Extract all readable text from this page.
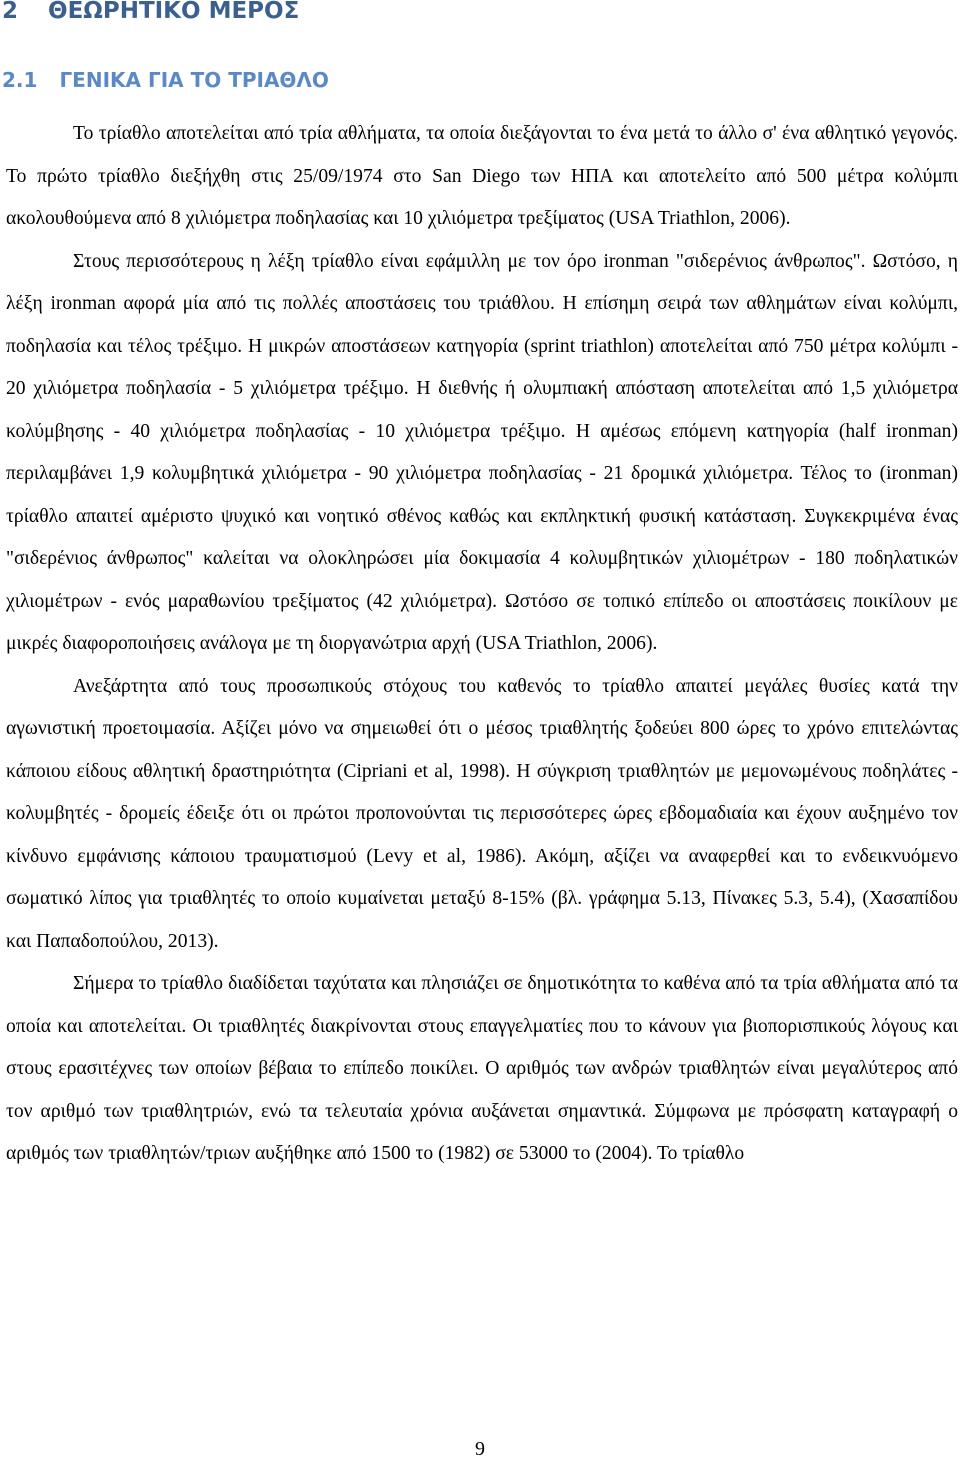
2 ΘΕΩΡΗΤΙΚΟ ΜΕΡΟΣ
2.1 ΓΕΝΙΚΑ ΓΙΑ ΤΟ ΤΡΙΑΘΛΟ

Το τρίαθλο αποτελείται από τρία αθλήματα, τα οποία διεξάγονται το ένα μετά το άλλο σ' ένα αθλητικό γεγονός. Το πρώτο τρίαθλο διεξήχθη στις 25/09/1974 στο San Diego των ΗΠΑ και αποτελείτο από 500 μέτρα κολύμπι ακολουθούμενα από 8 χιλιόμετρα ποδηλασίας και 10 χιλιόμετρα τρεξίματος (USA Triathlon, 2006).

Στους περισσότερους η λέξη τρίαθλο είναι εφάμιλλη με τον όρο ironman "σιδερένιος άνθρωπος". Ωστόσο, η λέξη ironman αφορά μία από τις πολλές αποστάσεις του τριάθλου. Η επίσημη σειρά των αθλημάτων είναι κολύμπι, ποδηλασία και τέλος τρέξιμο. Η μικρών αποστάσεων κατηγορία (sprint triathlon) αποτελείται από 750 μέτρα κολύμπι - 20 χιλιόμετρα ποδηλασία - 5 χιλιόμετρα τρέξιμο. Η διεθνής ή ολυμπιακή απόσταση αποτελείται από 1,5 χιλιόμετρα κολύμβησης - 40 χιλιόμετρα ποδηλασίας - 10 χιλιόμετρα τρέξιμο. Η αμέσως επόμενη κατηγορία (half ironman) περιλαμβάνει 1,9 κολυμβητικά χιλιόμετρα - 90 χιλιόμετρα ποδηλασίας - 21 δρομικά χιλιόμετρα. Τέλος το (ironman) τρίαθλο απαιτεί αμέριστο ψυχικό και νοητικό σθένος καθώς και εκπληκτική φυσική κατάσταση. Συγκεκριμένα ένας "σιδερένιος άνθρωπος" καλείται να ολοκληρώσει μία δοκιμασία 4 κολυμβητικών χιλιομέτρων - 180 ποδηλατικών χιλιομέτρων - ενός μαραθωνίου τρεξίματος (42 χιλιόμετρα). Ωστόσο σε τοπικό επίπεδο οι αποστάσεις ποικίλουν με μικρές διαφοροποιήσεις ανάλογα με τη διοργανώτρια αρχή (USA Triathlon, 2006).

Ανεξάρτητα από τους προσωπικούς στόχους του καθενός το τρίαθλο απαιτεί μεγάλες θυσίες κατά την αγωνιστική προετοιμασία. Αξίζει μόνο να σημειωθεί ότι ο μέσος τριαθλητής ξοδεύει 800 ώρες το χρόνο επιτελώντας κάποιου είδους αθλητική δραστηριότητα (Cipriani et al, 1998). Η σύγκριση τριαθλητών με μεμονωμένους ποδηλάτες - κολυμβητές - δρομείς έδειξε ότι οι πρώτοι προπονούνται τις περισσότερες ώρες εβδομαδιαία και έχουν αυξημένο τον κίνδυνο εμφάνισης κάποιου τραυματισμού (Levy et al, 1986). Ακόμη, αξίζει να αναφερθεί και το ενδεικνυόμενο σωματικό λίπος για τριαθλητές το οποίο κυμαίνεται μεταξύ 8-15% (βλ. γράφημα 5.13, Πίνακες 5.3, 5.4), (Χασαπίδου και Παπαδοπούλου, 2013).

Σήμερα το τρίαθλο διαδίδεται ταχύτατα και πλησιάζει σε δημοτικότητα το καθένα από τα τρία αθλήματα από τα οποία και αποτελείται. Οι τριαθλητές διακρίνονται στους επαγγελματίες που το κάνουν για βιοπορισπικούς λόγους και στους ερασιτέχνες των οποίων βέβαια το επίπεδο ποικίλει. Ο αριθμός των ανδρών τριαθλητών είναι μεγαλύτερος από τον αριθμό των τριαθλητριών, ενώ τα τελευταία χρόνια αυξάνεται σημαντικά. Σύμφωνα με πρόσφατη καταγραφή ο αριθμός των τριαθλητών/τριων αυξήθηκε από 1500 το (1982) σε 53000 το (2004). Το τρίαθλο

9
